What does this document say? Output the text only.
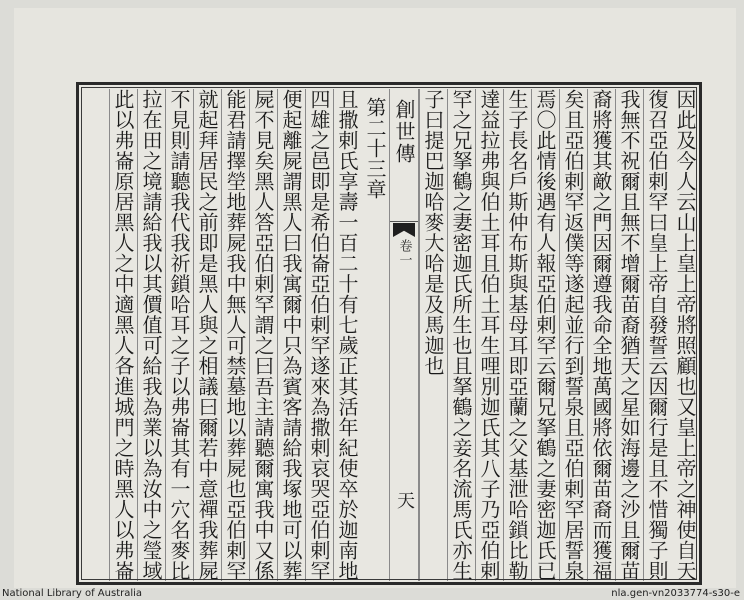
因此及今人云山上皇上帝將照顧也又皇上帝之神使自天
復召亞伯剌罕曰皇上帝自發誓云因爾行是且不惜獨子則
我無不祝爾且無不增爾苗裔猶天之星如海邊之沙且爾苗
裔將獲其敵之門因爾遵我命全地萬國將依爾苗裔而獲福
矣且亞伯剌罕返僕等遂起並行到誓泉且亞伯剌罕居誓泉
焉〇此情後遇有人報亞伯剌罕云爾兄拏鶴之妻密迦氏已
生子長名戶斯仲布斯與基母耳即亞蘭之父基泄哈鎖比勒
達益拉弗與伯土耳且伯土耳生哩別迦氏其八子乃亞伯剌
罕之兄拏鶴之妻密迦氏所生也且拏鶴之妾名流馬氏亦生
子曰提巴迦哈麥大哈是及馬迦也
創世傳
卷一
天
第二十三章
且撒剌氏享壽一百二十有七歲正其活年紀使卒於迦南地
四雄之邑即是希伯崙亞伯剌罕遂來為撒剌哀哭亞伯剌罕
便起離屍謂黑人曰我寓爾中只為賓客請給我塚地可以葬
屍不見矣黑人答亞伯剌罕謂之曰吾主請聽爾寓我中又係
能君請擇塋地葬屍我中無人可禁墓地以葬屍也亞伯剌罕
就起拜居民之前即是黑人與之相議曰爾若中意禪我葬屍
不見則請聽我代我祈鎖哈耳之子以弗崙其有一穴名麥比
拉在田之境請給我以其價值可給我為業以為汝中之瑩域
此以弗崙原居黑人之中適黑人各進城門之時黑人以弗崙
National Library of Australia	nla.gen-vn2033774-s30-e
